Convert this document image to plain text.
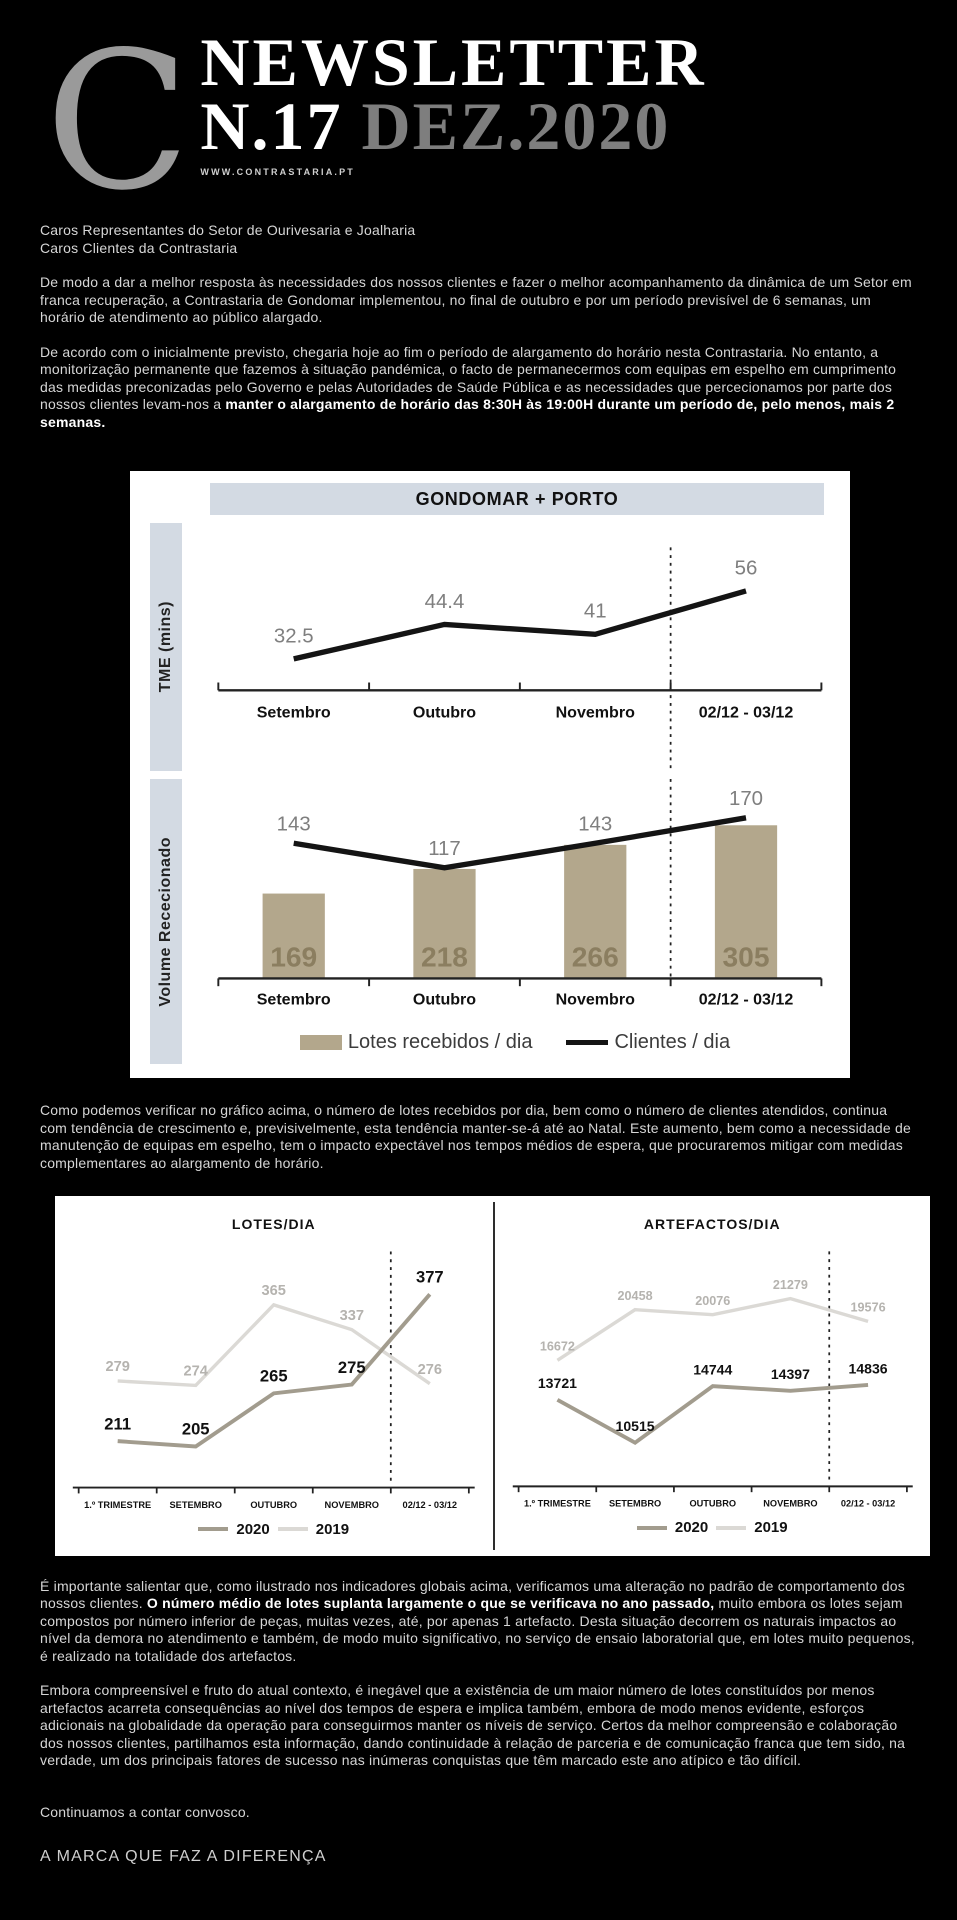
C NEWSLETTER
N.17 DEZ.2020
WWW.CONTRASTARIA.PT
Caros Representantes do Setor de Ourivesaria e Joalharia
Caros Clientes da Contrastaria

De modo a dar a melhor resposta às necessidades dos nossos clientes e fazer o melhor acompanhamento da dinâmica de um Setor em franca recuperação, a Contrastaria de Gondomar implementou, no final de outubro e por um período previsível de 6 semanas, um horário de atendimento ao público alargado.

De acordo com o inicialmente previsto, chegaria hoje ao fim o período de alargamento do horário nesta Contrastaria. No entanto, a monitorização permanente que fazemos à situação pandémica, o facto de permanecermos com equipas em espelho em cumprimento das medidas preconizadas pelo Governo e pelas Autoridades de Saúde Pública e as necessidades que percecionamos por parte dos nossos clientes levam-nos a manter o alargamento de horário das 8:30H às 19:00H durante um período de, pelo menos, mais 2 semanas.

GONDOMAR + PORTO
TME (mins)	32.5
44.4	41
56
Setembro	Outubro	Novembro	02/12 - 03/12
Volume Rececionado	169	218	266	305
143
117
143
170
Setembro	Outubro	Novembro	02/12 - 03/12
Lotes recebidos / dia	Clientes / dia

Como podemos verificar no gráfico acima, o número de lotes recebidos por dia, bem como o número de clientes atendidos, continua com tendência de crescimento e, previsivelmente, esta tendência manter-se-á até ao Natal. Este aumento, bem como a necessidade de manutenção de equipas em espelho, tem o impacto expectável nos tempos médios de espera, que procuraremos mitigar com medidas complementares ao alargamento de horário.

LOTES/DIA
279	274
365
337
276
211	205
265	275
377
1.º TRIMESTRE SETEMBRO	OUTUBRO	NOVEMBRO 02/12 - 03/12
2020	2019
ARTEFACTOS/DIA
16672
20458	20076
21279
19576
13721
10515
14744	14397	14836
1.º TRIMESTRE SETEMBRO	OUTUBRO	NOVEMBRO 02/12 - 03/12
2020	2019

É importante salientar que, como ilustrado nos indicadores globais acima, verificamos uma alteração no padrão de comportamento dos nossos clientes. O número médio de lotes suplanta largamente o que se verificava no ano passado, muito embora os lotes sejam compostos por número inferior de peças, muitas vezes, até, por apenas 1 artefacto. Desta situação decorrem os naturais impactos ao nível da demora no atendimento e também, de modo muito significativo, no serviço de ensaio laboratorial que, em lotes muito pequenos, é realizado na totalidade dos artefactos.

Embora compreensível e fruto do atual contexto, é inegável que a existência de um maior número de lotes constituídos por menos artefactos acarreta consequências ao nível dos tempos de espera e implica também, embora de modo menos evidente, esforços adicionais na globalidade da operação para conseguirmos manter os níveis de serviço. Certos da melhor compreensão e colaboração dos nossos clientes, partilhamos esta informação, dando continuidade à relação de parceria e de comunicação franca que tem sido, na verdade, um dos principais fatores de sucesso nas inúmeras conquistas que têm marcado este ano atípico e tão difícil.

Continuamos a contar convosco.
A MARCA QUE FAZ A DIFERENÇA
